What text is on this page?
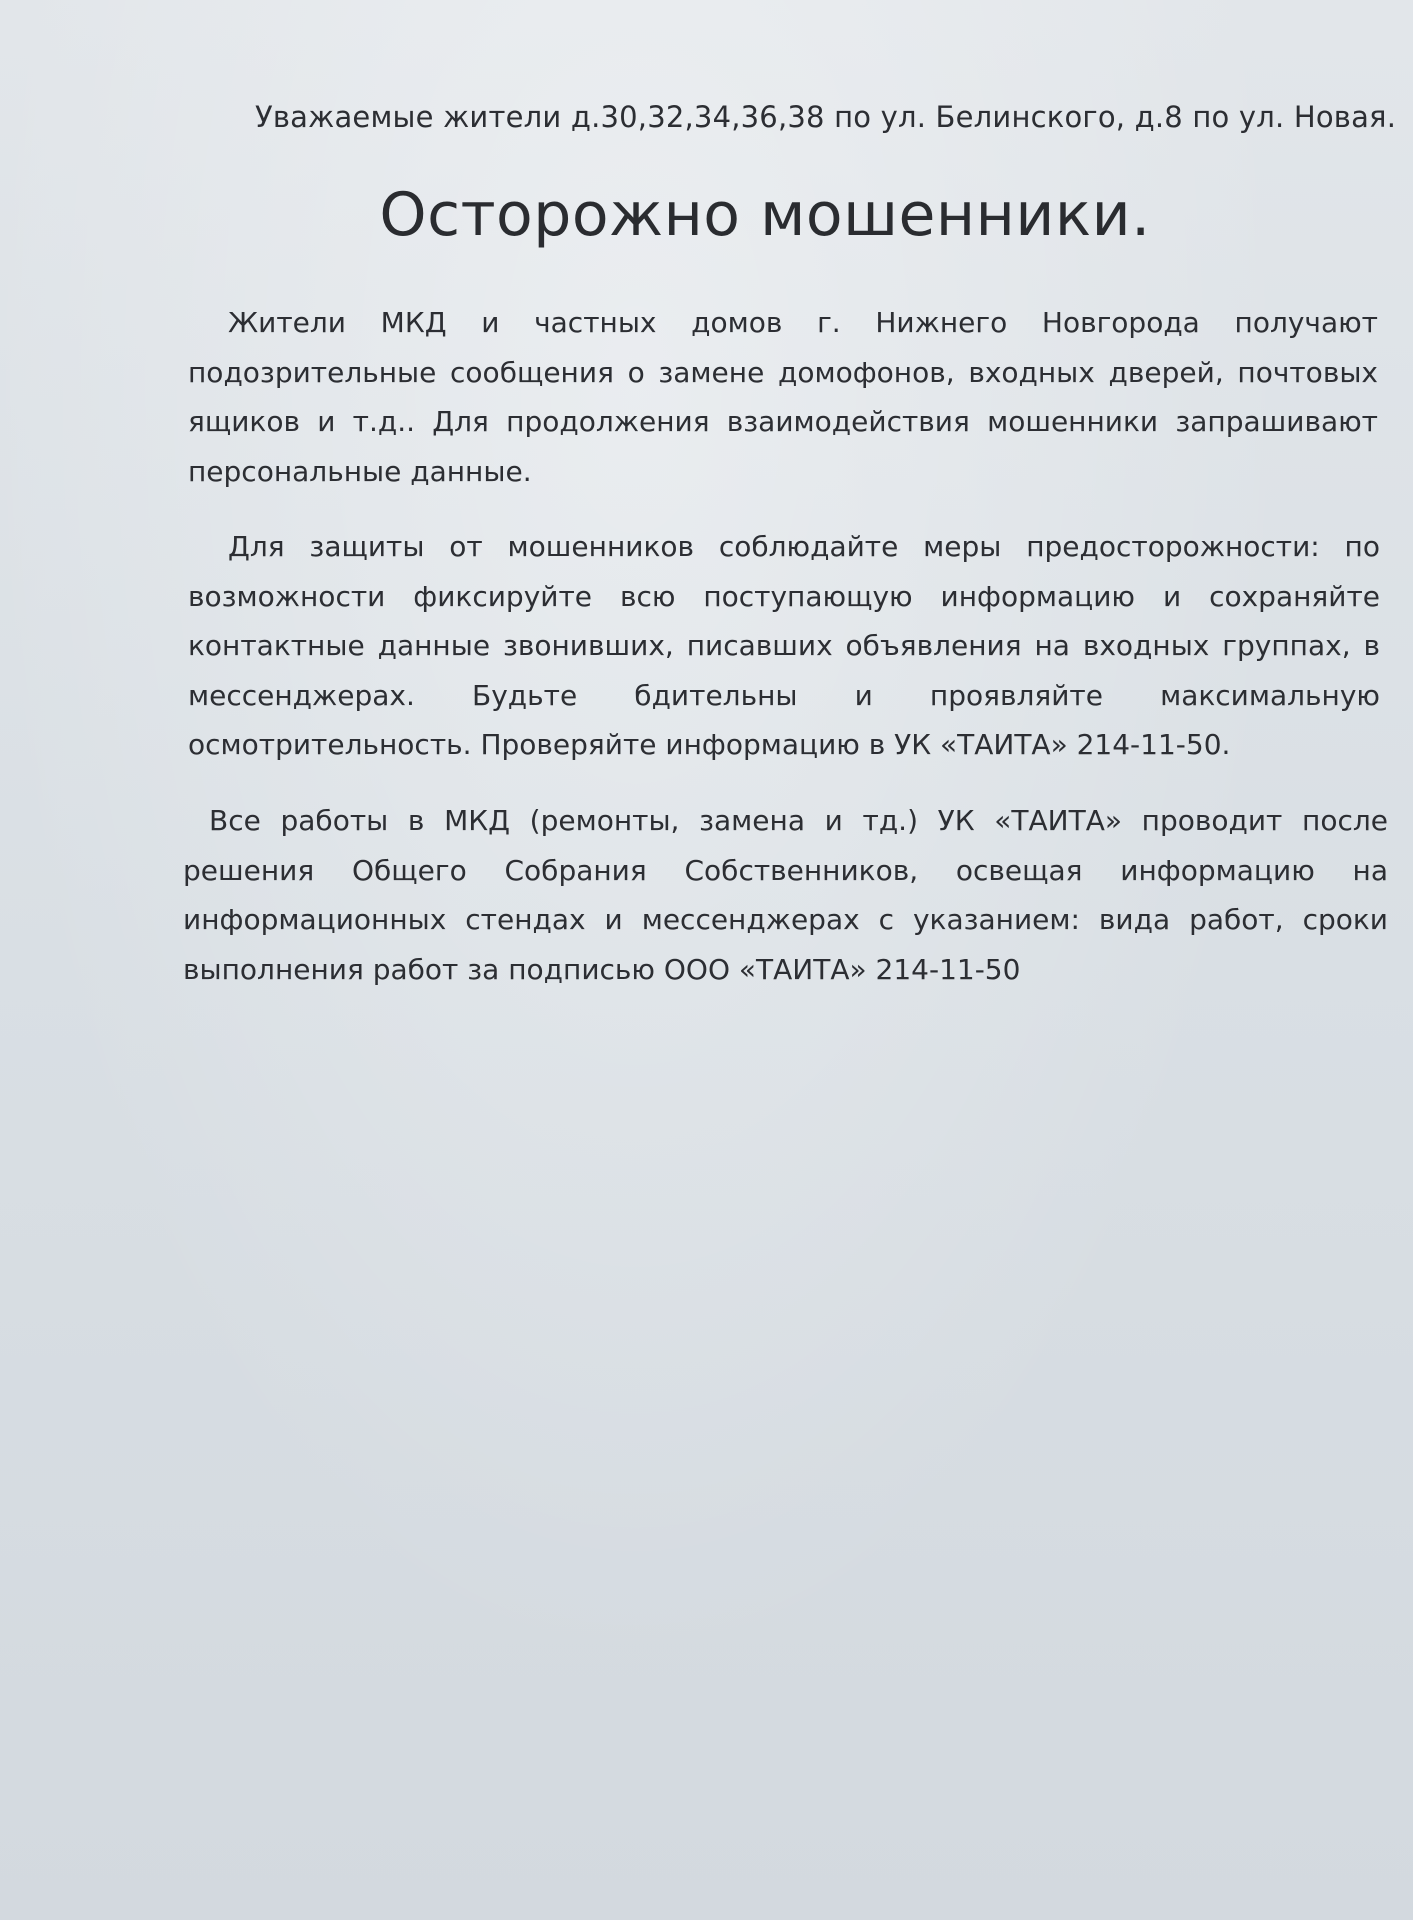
Уважаемые жители д.30,32,34,36,38 по ул. Белинского, д.8 по ул. Новая.
Осторожно мошенники.
Жители МКД и частных домов г. Нижнего Новгорода получают подозрительные сообщения о замене домофонов, входных дверей, почтовых ящиков и т.д.. Для продолжения взаимодействия мошенники запрашивают персональные данные.
Для защиты от мошенников соблюдайте меры предосторожности: по возможности фиксируйте всю поступающую информацию и сохраняйте контактные данные звонивших, писавших объявления на входных группах, в мессенджерах. Будьте бдительны и проявляйте максимальную осмотрительность. Проверяйте информацию в УК «ТАИТА» 214-11-50.
Все работы в МКД (ремонты, замена и тд.) УК «ТАИТА» проводит после решения Общего Собрания Собственников, освещая информацию на информационных стендах и мессенджерах с указанием: вида работ, сроки выполнения работ за подписью ООО «ТАИТА» 214-11-50
